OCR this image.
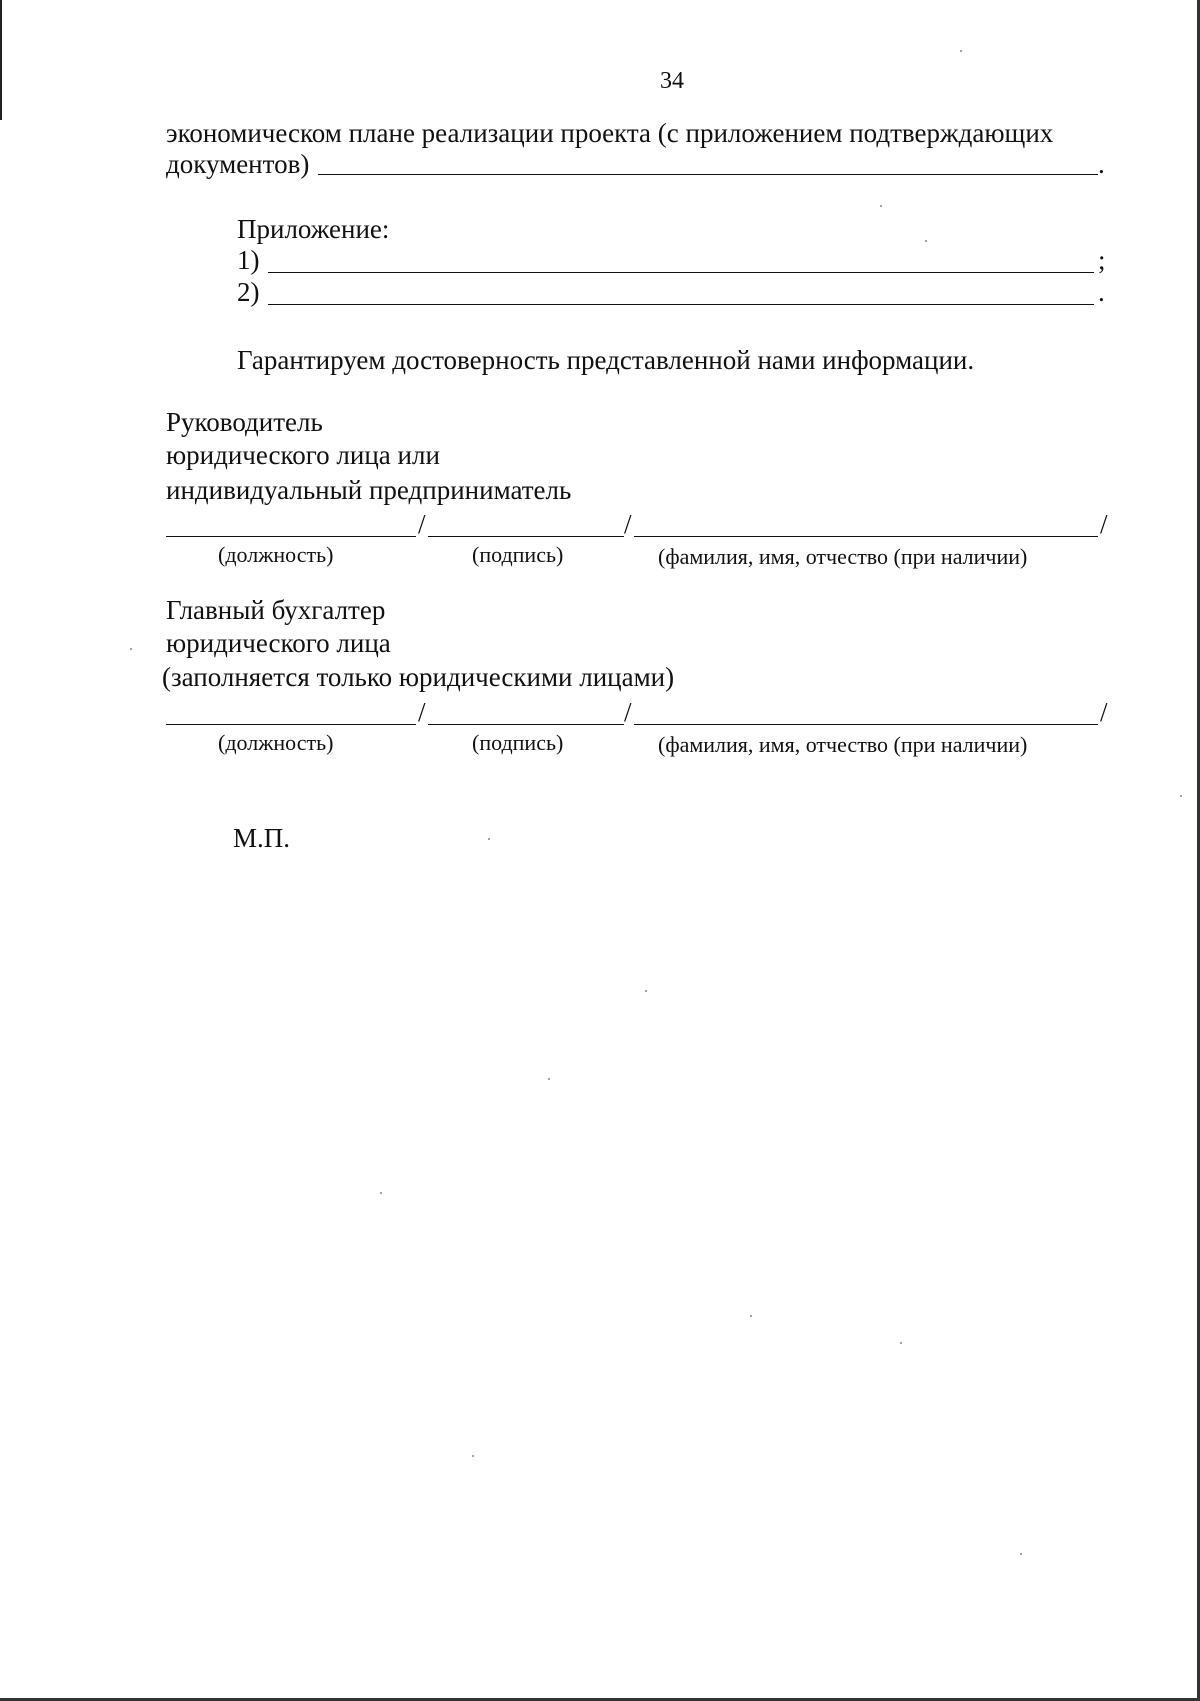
34
экономическом плане реализации проекта (с приложением подтверждающих
документов)	.
Приложение:
1)	;
2)	.
Гарантируем достоверность представленной нами информации.
Руководитель
юридического лица или
индивидуальный предприниматель
/	/	/
(должность)	(подпись)	(фамилия, имя, отчество (при наличии)
Главный бухгалтер
юридического лица
(заполняется только юридическими лицами)
/	/	/
(должность)	(подпись)	(фамилия, имя, отчество (при наличии)
М.П.
